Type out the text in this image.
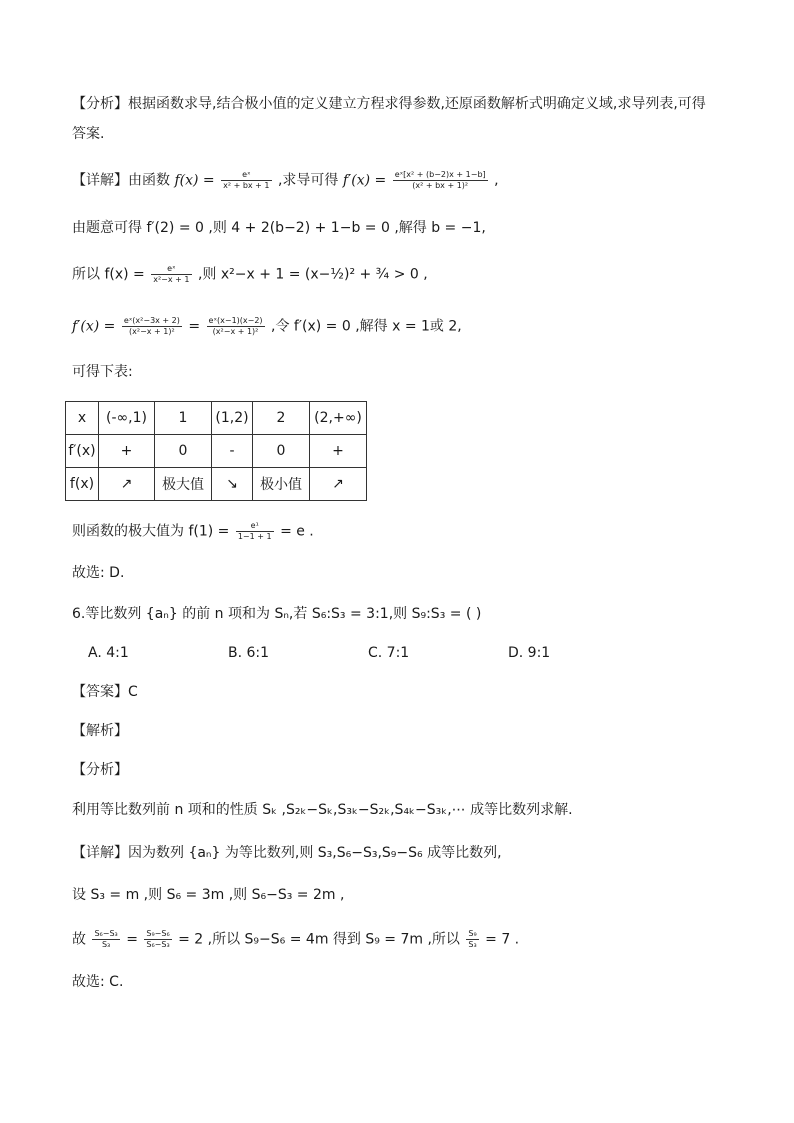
【分析】根据函数求导,结合极小值的定义建立方程求得参数,还原函数解析式明确定义域,求导列表,可得
答案.
【详解】由函数 $f(x) = \frac{\text{eˣ}}{\text{x² + bx + 1}}$ ,求导可得 $f'(x) = \frac{\text{eˣ[x² + (b−2)x + 1−b]}}{\text{(x² + bx + 1)²}}$ ,
由题意可得 f′(2) = 0 ,则 4 + 2(b−2) + 1−b = 0 ,解得 b = −1,
所以 $f(x) = \frac{\text{eˣ}}{\text{x²−x + 1}}$ ,则 x²−x + 1 = (x−½)² + ¾ > 0 ,
$f'(x) = \frac{\text{eˣ(x²−3x + 2)}}{\text{(x²−x + 1)²}} = \frac{\text{eˣ(x−1)(x−2)}}{\text{(x²−x + 1)²}}$ ,令 f′(x) = 0 ,解得 x = 1或 2,
可得下表:
x	(-∞,1)	1	(1,2)	2	(2,+∞)
f′(x)	+	0	-	0	+
f(x)	↗	极大值	↘	极小值	↗
则函数的极大值为 $f(1) = \frac{\text{e¹}}{1-1 + 1} = e$ .
故选: D.
6.等比数列 {aₙ} 的前 n 项和为 Sₙ,若 S₆:S₃ = 3:1,则 S₉:S₃ = ( )
A. 4:1	B. 6:1	C. 7:1	D. 9:1
【答案】C
【解析】
【分析】
利用等比数列前 n 项和的性质 Sₖ ,S₂ₖ−Sₖ,S₃ₖ−S₂ₖ,S₄ₖ−S₃ₖ,⋯ 成等比数列求解.
【详解】因为数列 {aₙ} 为等比数列,则 S₃,S₆−S₃,S₉−S₆ 成等比数列,
设 S₃ = m ,则 S₆ = 3m ,则 S₆−S₃ = 2m ,
故 $\frac{\text{S₆−S₃}}{\text{S₃}} = \frac{\text{S₉−S₆}}{\text{S₆−S₃}} = 2$ ,所以 S₉−S₆ = 4m 得到 S₉ = 7m ,所以 $\frac{\text{S₉}}{\text{S₃}} = 7$ .
故选: C.
